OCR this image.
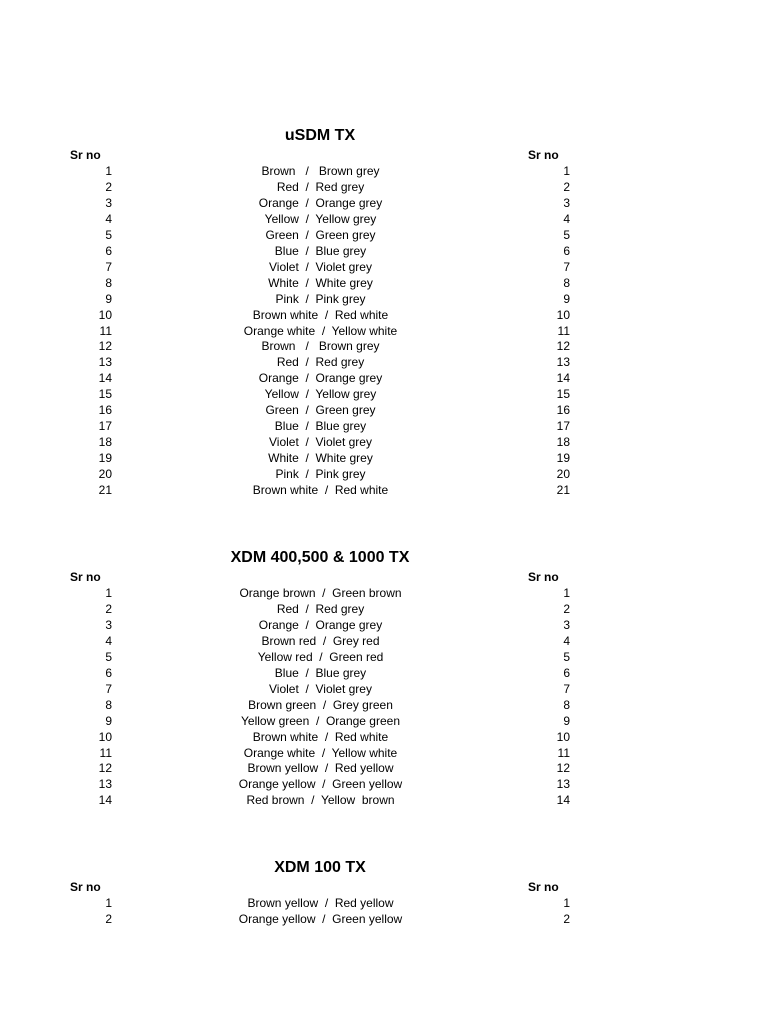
uSDM TX
Sr no	Sr no
1	Brown   /   Brown grey	1
2	Red  /  Red grey	2
3	Orange  /  Orange grey	3
4	Yellow  /  Yellow grey	4
5	Green  /  Green grey	5
6	Blue  /  Blue grey	6
7	Violet  /  Violet grey	7
8	White  /  White grey	8
9	Pink  /  Pink grey	9
10	Brown white  /  Red white	10
11	Orange white  /  Yellow white	11
12	Brown   /   Brown grey	12
13	Red  /  Red grey	13
14	Orange  /  Orange grey	14
15	Yellow  /  Yellow grey	15
16	Green  /  Green grey	16
17	Blue  /  Blue grey	17
18	Violet  /  Violet grey	18
19	White  /  White grey	19
20	Pink  /  Pink grey	20
21	Brown white  /  Red white	21
XDM 400,500 & 1000 TX
Sr no	Sr no
1	Orange brown  /  Green brown	1
2	Red  /  Red grey	2
3	Orange  /  Orange grey	3
4	Brown red  /  Grey red	4
5	Yellow red  /  Green red	5
6	Blue  /  Blue grey	6
7	Violet  /  Violet grey	7
8	Brown green  /  Grey green	8
9	Yellow green  /  Orange green	9
10	Brown white  /  Red white	10
11	Orange white  /  Yellow white	11
12	Brown yellow  /  Red yellow	12
13	Orange yellow  /  Green yellow	13
14	Red brown  /  Yellow  brown	14
XDM 100 TX
Sr no	Sr no
1	Brown yellow  /  Red yellow	1
2	Orange yellow  /  Green yellow	2
